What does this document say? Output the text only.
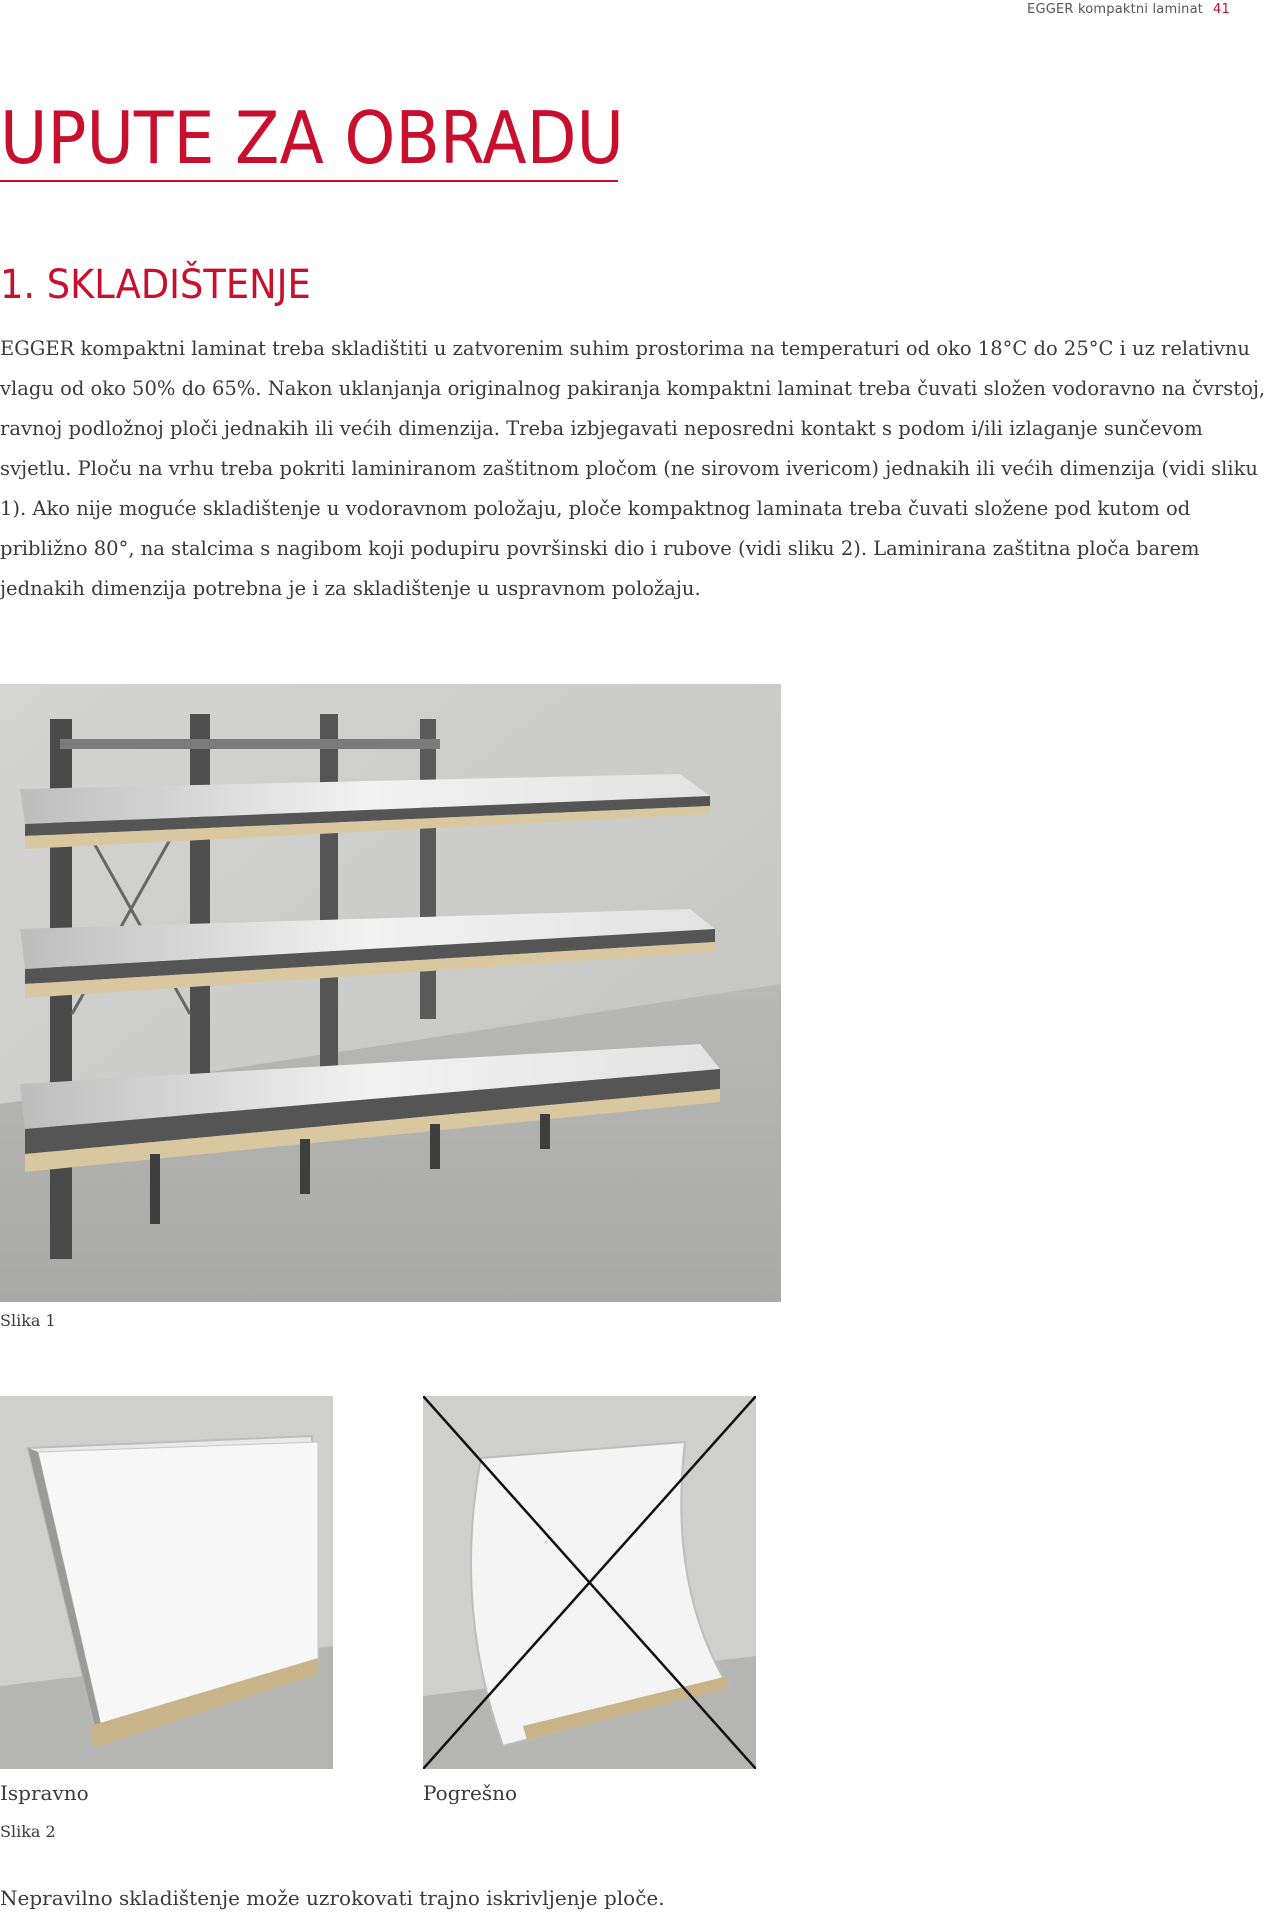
EGGER kompaktni laminat 41
UPUTE ZA OBRADU
1. SKLADIŠTENJE

EGGER kompaktni laminat treba skladištiti u zatvorenim suhim prostorima na temperaturi od oko 18°C do 25°C i uz relativnu vlagu od oko 50% do 65%. Nakon uklanjanja originalnog pakiranja kompaktni laminat treba čuvati složen vodoravno na čvrstoj, ravnoj podložnoj ploči jednakih ili većih dimenzija. Treba izbjegavati neposredni kontakt s podom i/ili izlaganje sunčevom svjetlu. Ploču na vrhu treba pokriti laminiranom zaštitnom pločom (ne sirovom ivericom) jednakih ili većih dimenzija (vidi sliku 1). Ako nije moguće skladištenje u vodoravnom položaju, ploče kompaktnog laminata treba čuvati složene pod kutom od približno 80°, na stalcima s nagibom koji podupiru površinski dio i rubove (vidi sliku 2). Laminirana zaštitna ploča barem jednakih dimenzija potrebna je i za skladištenje u uspravnom položaju.

Slika 1

Ispravno	Pogrešno

Slika 2

Nepravilno skladištenje može uzrokovati trajno iskrivljenje ploče.
